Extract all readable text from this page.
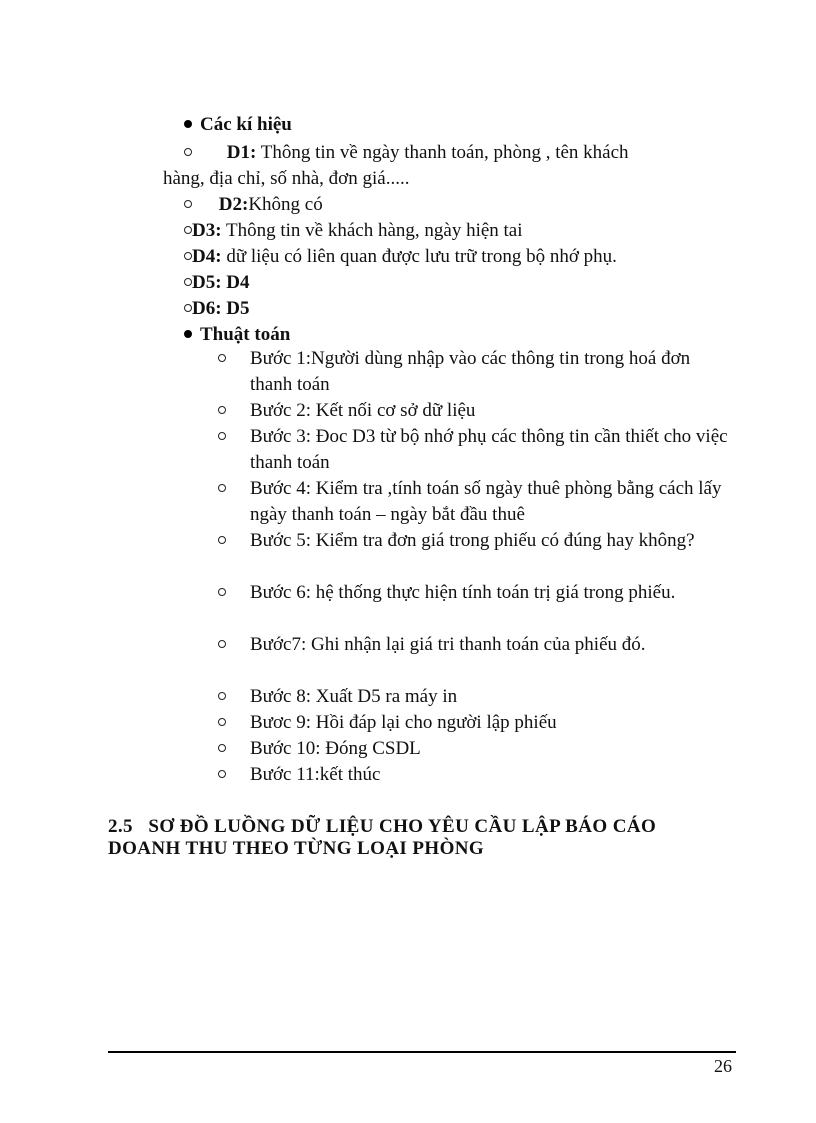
Các kí hiệu
D1: Thông tin về ngày thanh toán, phòng , tên khách
hàng, địa chỉ, số nhà, đơn giá.....
D2:Không có
D3: Thông tin về khách hàng, ngày hiện tai
D4: dữ liệu có liên quan được lưu trữ trong bộ nhớ phụ.
D5: D4
D6: D5
Thuật toán
Bước 1:Người dùng nhập vào các thông tin trong hoá đơn thanh toán
Bước 2: Kết nối cơ sở dữ liệu
Bước 3: Đoc D3 từ bộ nhớ phụ các thông tin cần thiết cho việc thanh toán
Bước 4: Kiểm tra ,tính toán số ngày thuê phòng bằng cách lấy ngày thanh toán – ngày bắt đầu thuê
Bước 5: Kiểm tra đơn giá trong phiếu có đúng hay không?
Bước 6: hệ thống thực hiện tính toán trị giá trong phiếu.
Bước7: Ghi nhận lại giá tri thanh toán của phiếu đó.
Bước 8: Xuất D5 ra máy in
Bươc 9: Hồi đáp lại cho người lập phiếu
Bước 10: Đóng CSDL
Bước 11:kết thúc
2.5 SƠ ĐỒ LUỒNG DỮ LIỆU CHO YÊU CẦU LẬP BÁO CÁO
DOANH THU THEO TỪNG LOẠI PHÒNG
26
